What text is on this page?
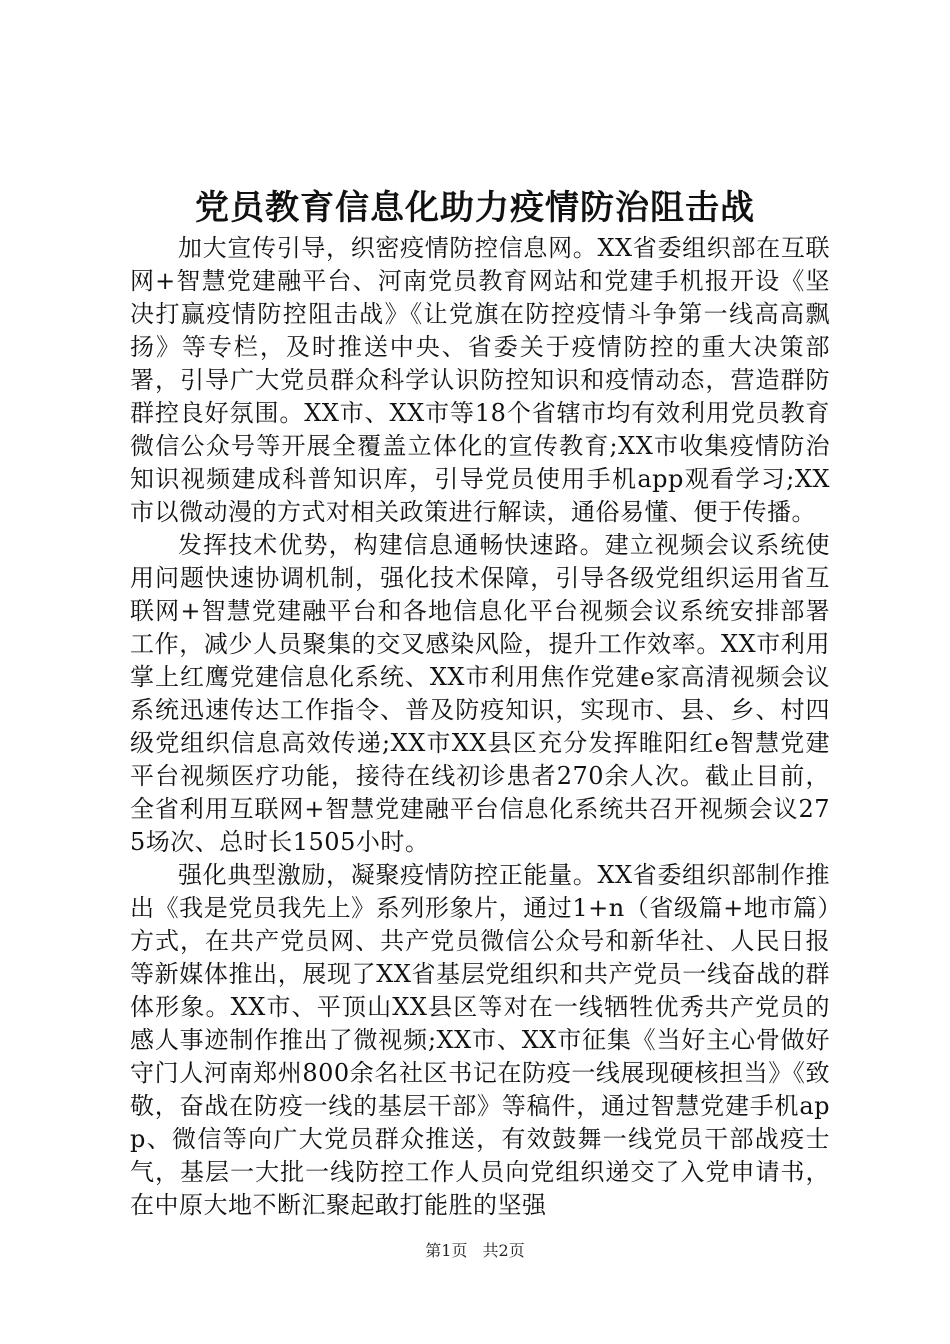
党员教育信息化助力疫情防治阻击战

加大宣传引导，织密疫情防控信息网。XX省委组织部在互联网+智慧党建融平台、河南党员教育网站和党建手机报开设《坚决打赢疫情防控阻击战》《让党旗在防控疫情斗争第一线高高飘扬》等专栏，及时推送中央、省委关于疫情防控的重大决策部署，引导广大党员群众科学认识防控知识和疫情动态，营造群防群控良好氛围。XX市、XX市等18个省辖市均有效利用党员教育微信公众号等开展全覆盖立体化的宣传教育;XX市收集疫情防治知识视频建成科普知识库，引导党员使用手机app观看学习;XX市以微动漫的方式对相关政策进行解读，通俗易懂、便于传播。

发挥技术优势，构建信息通畅快速路。建立视频会议系统使用问题快速协调机制，强化技术保障，引导各级党组织运用省互联网+智慧党建融平台和各地信息化平台视频会议系统安排部署工作，减少人员聚集的交叉感染风险，提升工作效率。XX市利用掌上红鹰党建信息化系统、XX市利用焦作党建e家高清视频会议系统迅速传达工作指令、普及防疫知识，实现市、县、乡、村四级党组织信息高效传递;XX市XX县区充分发挥睢阳红e智慧党建平台视频医疗功能，接待在线初诊患者270余人次。截止目前，全省利用互联网+智慧党建融平台信息化系统共召开视频会议275场次、总时长1505小时。

强化典型激励，凝聚疫情防控正能量。XX省委组织部制作推出《我是党员我先上》系列形象片，通过1+n（省级篇+地市篇）方式，在共产党员网、共产党员微信公众号和新华社、人民日报等新媒体推出，展现了XX省基层党组织和共产党员一线奋战的群体形象。XX市、平顶山XX县区等对在一线牺牲优秀共产党员的感人事迹制作推出了微视频;XX市、XX市征集《当好主心骨做好守门人河南郑州800余名社区书记在防疫一线展现硬核担当》《致敬，奋战在防疫一线的基层干部》等稿件，通过智慧党建手机app、微信等向广大党员群众推送，有效鼓舞一线党员干部战疫士气，基层一大批一线防控工作人员向党组织递交了入党申请书，在中原大地不断汇聚起敢打能胜的坚强

第1页 共2页
